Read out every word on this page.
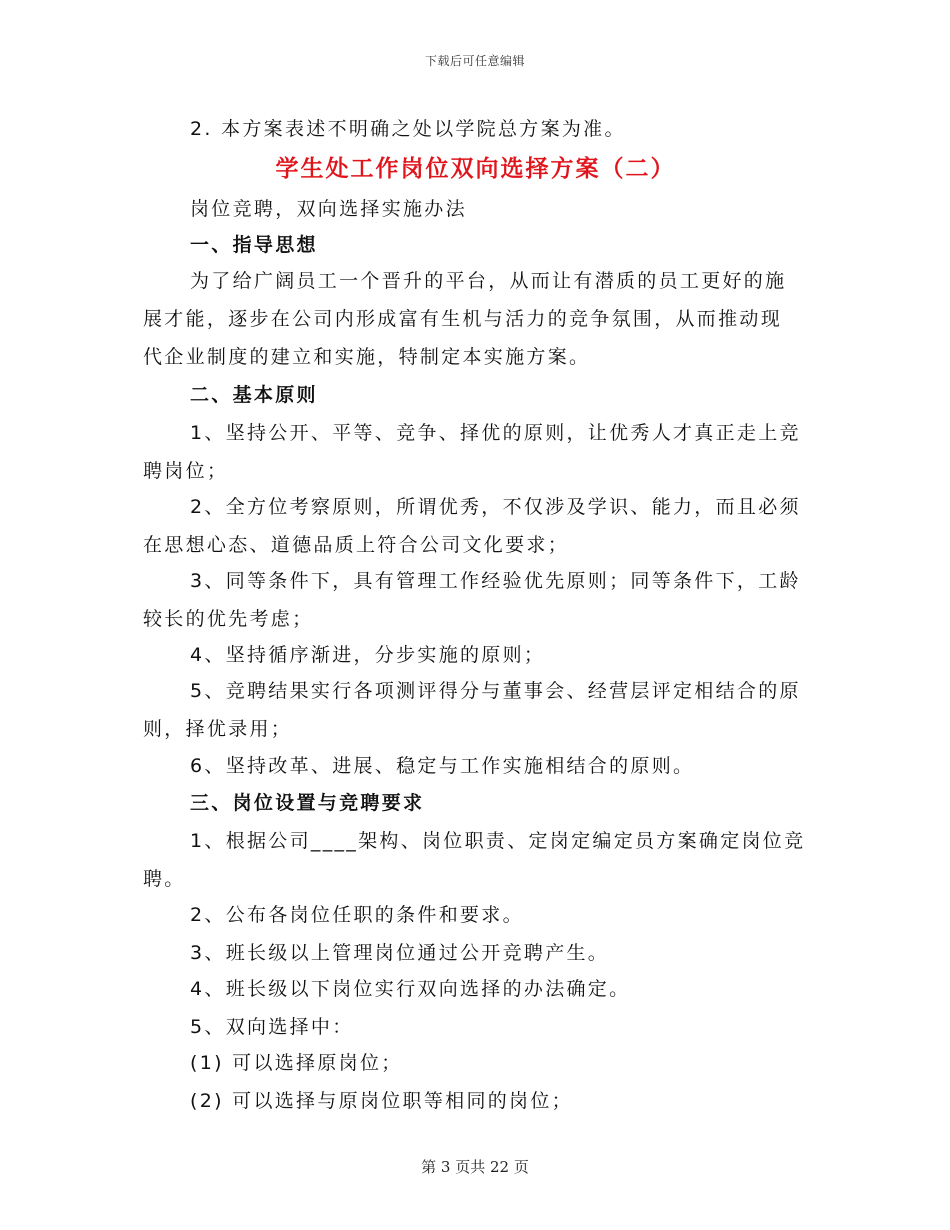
下载后可任意编辑
2. 本方案表述不明确之处以学院总方案为准。
学生处工作岗位双向选择方案（二）
岗位竞聘，双向选择实施办法
一、指导思想
为了给广阔员工一个晋升的平台，从而让有潜质的员工更好的施
展才能，逐步在公司内形成富有生机与活力的竞争氛围，从而推动现
代企业制度的建立和实施，特制定本实施方案。
二、基本原则
1、坚持公开、平等、竞争、择优的原则，让优秀人才真正走上竞
聘岗位；
2、全方位考察原则，所谓优秀，不仅涉及学识、能力，而且必须
在思想心态、道德品质上符合公司文化要求；
3、同等条件下，具有管理工作经验优先原则；同等条件下，工龄
较长的优先考虑；
4、坚持循序渐进，分步实施的原则；
5、竞聘结果实行各项测评得分与董事会、经营层评定相结合的原
则，择优录用；
6、坚持改革、进展、稳定与工作实施相结合的原则。
三、岗位设置与竞聘要求
1、根据公司____架构、岗位职责、定岗定编定员方案确定岗位竞
聘。
2、公布各岗位任职的条件和要求。
3、班长级以上管理岗位通过公开竞聘产生。
4、班长级以下岗位实行双向选择的办法确定。
5、双向选择中：
(1) 可以选择原岗位；
(2) 可以选择与原岗位职等相同的岗位；
第 3 页共 22 页
